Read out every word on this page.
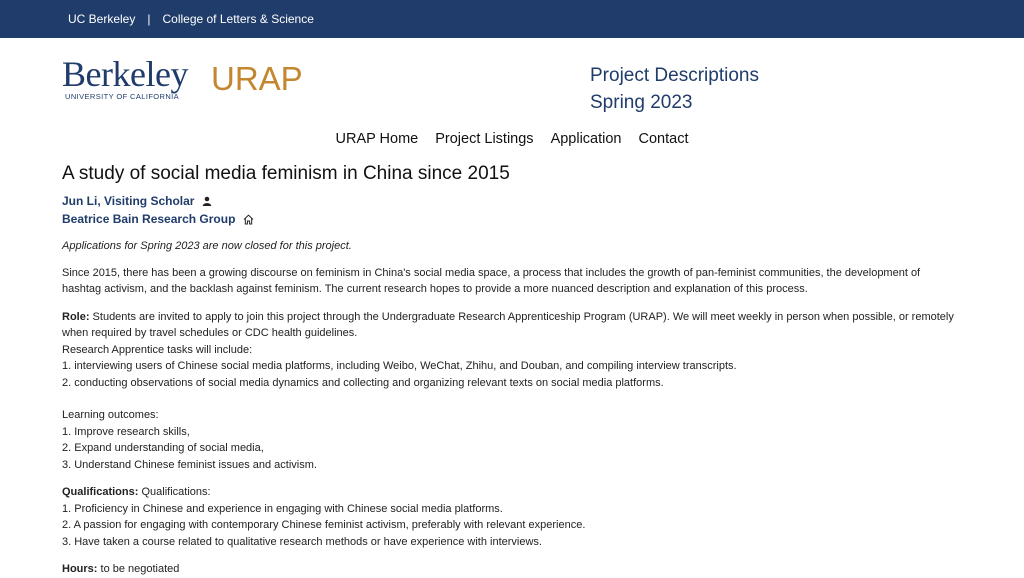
UC Berkeley | College of Letters & Science
Berkeley
UNIVERSITY OF CALIFORNIA URAP	Project Descriptions
Spring 2023
URAP Home Project Listings Application Contact
A study of social media feminism in China since 2015
Jun Li, Visiting Scholar
Beatrice Bain Research Group

Applications for Spring 2023 are now closed for this project.

Since 2015, there has been a growing discourse on feminism in China's social media space, a process that includes the growth of pan-feminist communities, the development of hashtag activism, and the backlash against feminism. The current research hopes to provide a more nuanced description and explanation of this process.

Role: Students are invited to apply to join this project through the Undergraduate Research Apprenticeship Program (URAP). We will meet weekly in person when possible, or remotely when required by travel schedules or CDC health guidelines.

Research Apprentice tasks will include:

1. interviewing users of Chinese social media platforms, including Weibo, WeChat, Zhihu, and Douban, and compiling interview transcripts.

2. conducting observations of social media dynamics and collecting and organizing relevant texts on social media platforms.

Learning outcomes:

1. Improve research skills,

2. Expand understanding of social media,

3. Understand Chinese feminist issues and activism.

Qualifications: Qualifications:

1. Proficiency in Chinese and experience in engaging with Chinese social media platforms.

2. A passion for engaging with contemporary Chinese feminist activism, preferably with relevant experience.

3. Have taken a course related to qualitative research methods or have experience with interviews.

Hours: to be negotiated
